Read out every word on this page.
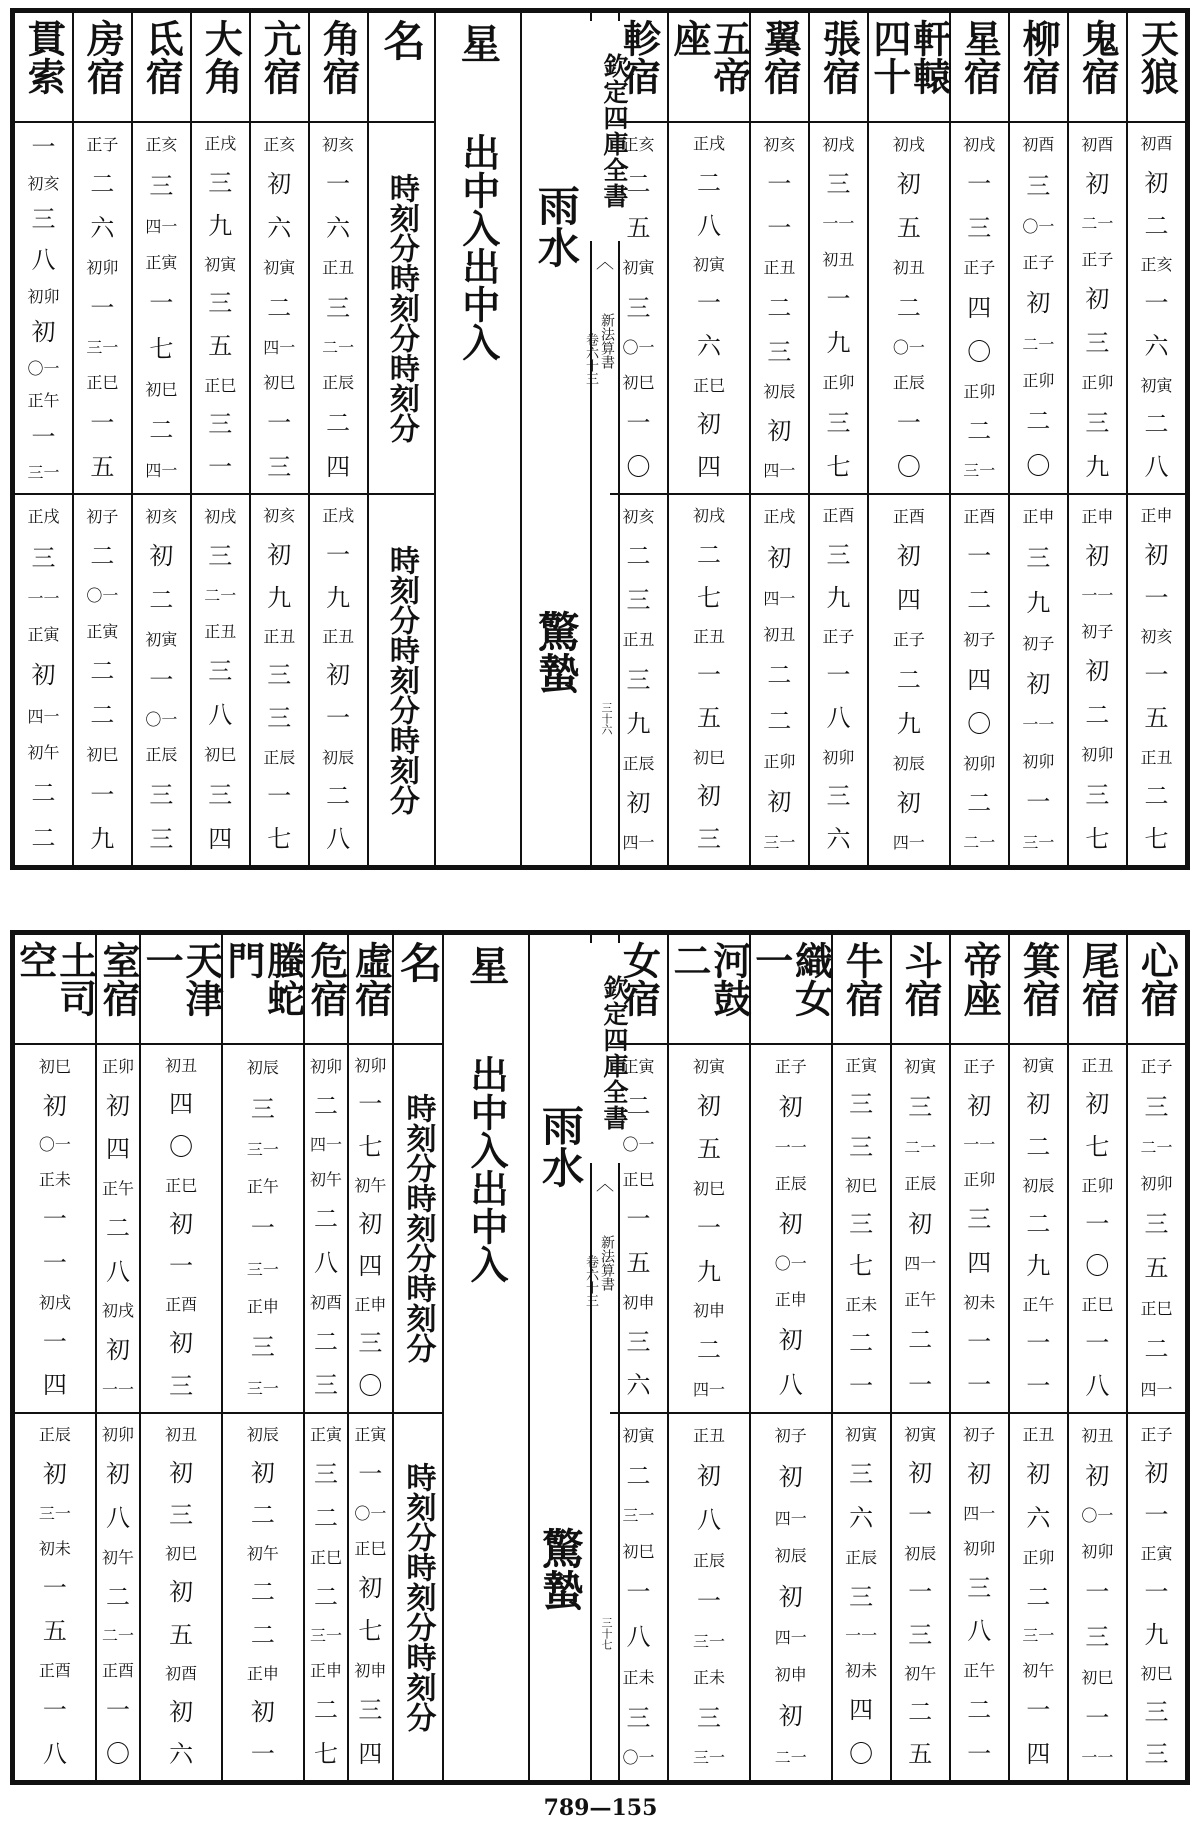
貫索
一
初亥
三
八
初卯
初
〇一
正午
一
三一
正戌
三
一一
正寅
初
四一
初午
二
二
房宿
正子
二
六
初卯
一
三一
正巳
一
五
初子
二
〇一
正寅
二
二
初巳
一
九
氐宿
正亥
三
四一
正寅
一
七
初巳
二
四一
初亥
初
二
初寅
一
〇一
正辰
三
三
大角
正戌
三
九
初寅
三
五
正巳
三
一
初戌
三
二一
正丑
三
八
初巳
三
四
亢宿
正亥
初
六
初寅
二
四一
初巳
一
三
初亥
初
九
正丑
三
三
正辰
一
七
角宿
初亥
一
六
正丑
三
二一
正辰
二
四
正戌
一
九
正丑
初
一
初辰
二
八
名
時刻分時刻分時刻分
時刻分時刻分時刻分
星
出中入出中入 雨水
驚蟄
欽定四庫全書
︿
新法算書
卷六十三
三十六
軫宿
正亥
二
五
初寅
三
〇一
初巳
一
〇
初亥
二
三
正丑
三
九
正辰
初
四一
五帝座
正戌
二
八
初寅
一
六
正巳
初
四
初戌
二
七
正丑
一
五
初巳
初
三
翼宿
初亥
一
一
正丑
二
三
初辰
初
四一
正戌
初
四一
初丑
二
二
正卯
初
三一
張宿
初戌
三
一一
初丑
一
九
正卯
三
七
正酉
三
九
正子
一
八
初卯
三
六
軒轅四十
初戌
初
五
初丑
二
〇一
正辰
一
〇
正酉
初
四
正子
二
九
初辰
初
四一
星宿
初戌
一
三
正子
四
〇
正卯
二
三一
正酉
一
二
初子
四
〇
初卯
二
二一
柳宿
初酉
三
〇一
正子
初
二一
正卯
二
〇
正申
三
九
初子
初
一一
初卯
一
三一
鬼宿
初酉
初
二一
正子
初
三
正卯
三
九
正申
初
一一
初子
初
二
初卯
三
七
天狼
初酉
初
二
正亥
一
六
初寅
二
八
正申
初
一
初亥
一
五
正丑
二
七
土司空
初巳
初
〇一
正未
一
一
初戌
一
四
正辰
初
三一
初未
一
五
正酉
一
八
室宿
正卯
初
四
正午
二
八
初戌
初
一一
初卯
初
八
初午
二
二一
正酉
一
〇
天津一
初丑
四
〇
正巳
初
一
正酉
初
三
初丑
初
三
初巳
初
五
初酉
初
六
螣蛇門
初辰
三
三一
正午
一
三一
正申
三
三一
初辰
初
二
初午
二
二
正申
初
一
危宿
初卯
二
四一
初午
二
八
初酉
二
三
正寅
三
二
正巳
二
三一
正申
二
七
虛宿
初卯
一
七
初午
初
四
正申
三
〇
正寅
一
〇一
正巳
初
七
初申
三
四
名
時刻分時刻分時刻分
時刻分時刻分時刻分
星
出中入出中入 雨水
驚蟄
欽定四庫全書
︿
新法算書
卷六十三
三十七
女宿
正寅
二
〇一
正巳
一
五
初申
三
六
初寅
二
三一
初巳
一
八
正未
三
〇一
河鼓二
初寅
初
五
初巳
一
九
初申
二
四一
正丑
初
八
正辰
一
三一
正未
三
三一
織女一
正子
初
一一
正辰
初
〇一
正申
初
八
初子
初
四一
初辰
初
四一
初申
初
二一
牛宿
正寅
三
三
初巳
三
七
正未
二
一
初寅
三
六
正辰
三
一一
初未
四
〇
斗宿
初寅
三
二一
正辰
初
四一
正午
二
一
初寅
初
一
初辰
一
三
初午
二
五
帝座
正子
初
一一
正卯
三
四
初未
一
一
初子
初
四一
初卯
三
八
正午
二
一
箕宿
初寅
初
二
初辰
二
九
正午
一
一
正丑
初
六
正卯
二
三一
初午
一
四
尾宿
正丑
初
七
正卯
一
〇
正巳
一
八
初丑
初
〇一
初卯
一
三
初巳
一
一一
心宿
正子
三
二一
初卯
三
五
正巳
二
四一
正子
初
一
正寅
一
九
初巳
三
三
789—155
